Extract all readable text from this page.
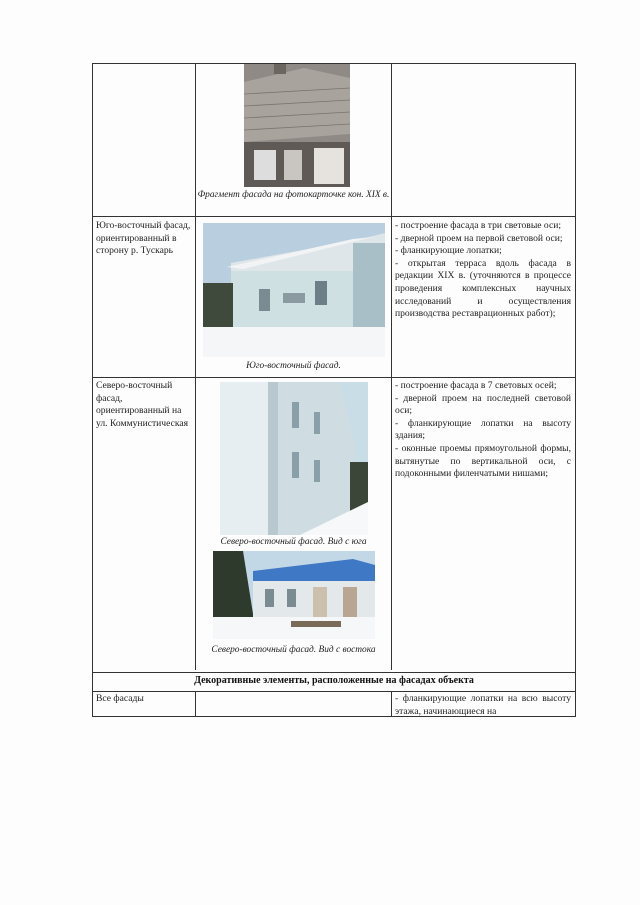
Фрагмент фасада на фотокарточке кон. XIX в.
Юго-восточный фасад, ориентированный в сторону р. Тускарь
Юго-восточный фасад.
- построение фасада в три световые оси;
- дверной проем на первой световой оси;
- фланкирующие лопатки;
- открытая терраса вдоль фасада в редакции XIX в. (уточняются в процессе проведения комплексных научных исследований и осуществления производства реставрационных работ);
Северо-восточный фасад, ориентированный на ул. Коммунистическая
Северо-восточный фасад. Вид с юга
Северо-восточный фасад. Вид с востока
- построение фасада в 7 световых осей;
- дверной проем на последней световой оси;
- фланкирующие лопатки на высоту здания;
- оконные проемы прямоугольной формы, вытянутые по вертикальной оси, с подоконными филенчатыми нишами;
Декоративные элементы, расположенные на фасадах объекта
Все фасады	- фланкирующие лопатки на всю высоту этажа, начинающиеся на
